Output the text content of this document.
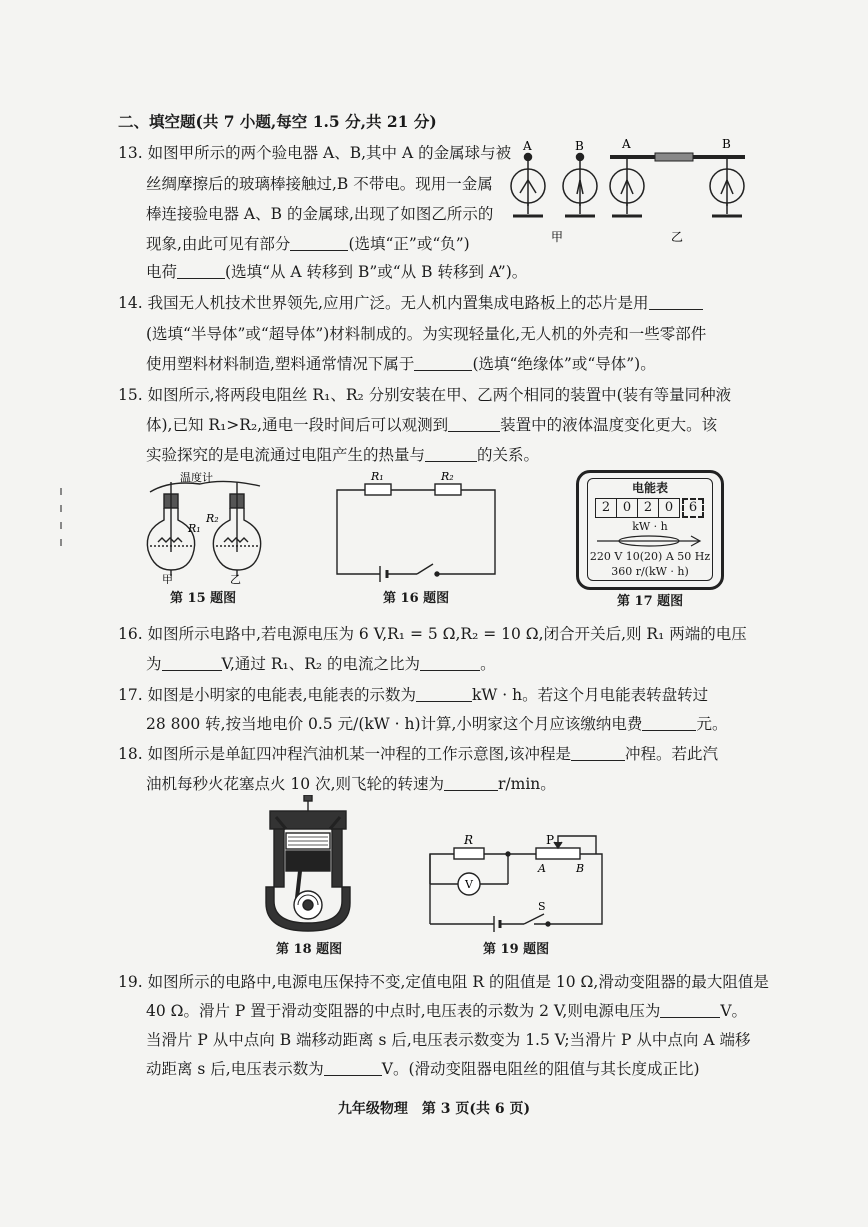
二、填空题(共 7 小题,每空 1.5 分,共 21 分)
13. 如图甲所示的两个验电器 A、B,其中 A 的金属球与被
丝绸摩擦后的玻璃棒接触过,B 不带电。现用一金属
棒连接验电器 A、B 的金属球,出现了如图乙所示的
现象,由此可见有部分	(选填“正”或“负”)
电荷	(选填“从 A 转移到 B”或“从 B 转移到 A”)。
A	B	A	B
甲	乙
14. 我国无人机技术世界领先,应用广泛。无人机内置集成电路板上的芯片是用
(选填“半导体”或“超导体”)材料制成的。为实现轻量化,无人机的外壳和一些零部件
使用塑料材料制造,塑料通常情况下属于	(选填“绝缘体”或“导体”)。
15. 如图所示,将两段电阻丝 R₁、R₂ 分别安装在甲、乙两个相同的装置中(装有等量同种液
体),已知 R₁>R₂,通电一段时间后可以观测到	装置中的液体温度变化更大。该
实验探究的是电流通过电阻产生的热量与	的关系。
温度计
R₁
R₂
甲	乙
第 15 题图
R₁	R₂
第 16 题图
电能表
2 0 2 0	6
kW · h
220 V 10(20) A 50 Hz
360 r/(kW · h)
第 17 题图
16. 如图所示电路中,若电源电压为 6 V,R₁ = 5 Ω,R₂ = 10 Ω,闭合开关后,则 R₁ 两端的电压
为	V,通过 R₁、R₂ 的电流之比为	。
17. 如图是小明家的电能表,电能表的示数为	kW · h。若这个月电能表转盘转过
28 800 转,按当地电价 0.5 元/(kW · h)计算,小明家这个月应该缴纳电费	元。
18. 如图所示是单缸四冲程汽油机某一冲程的工作示意图,该冲程是	冲程。若此汽
油机每秒火花塞点火 10 次,则飞轮的转速为	r/min。
第 18 题图
R	P
A	B
V
S
第 19 题图
19. 如图所示的电路中,电源电压保持不变,定值电阻 R 的阻值是 10 Ω,滑动变阻器的最大阻值是
40 Ω。滑片 P 置于滑动变阻器的中点时,电压表的示数为 2 V,则电源电压为	V。
当滑片 P 从中点向 B 端移动距离 s 后,电压表示数变为 1.5 V;当滑片 P 从中点向 A 端移
动距离 s 后,电压表示数为	V。(滑动变阻器电阻丝的阻值与其长度成正比)
九年级物理　第 3 页(共 6 页)
